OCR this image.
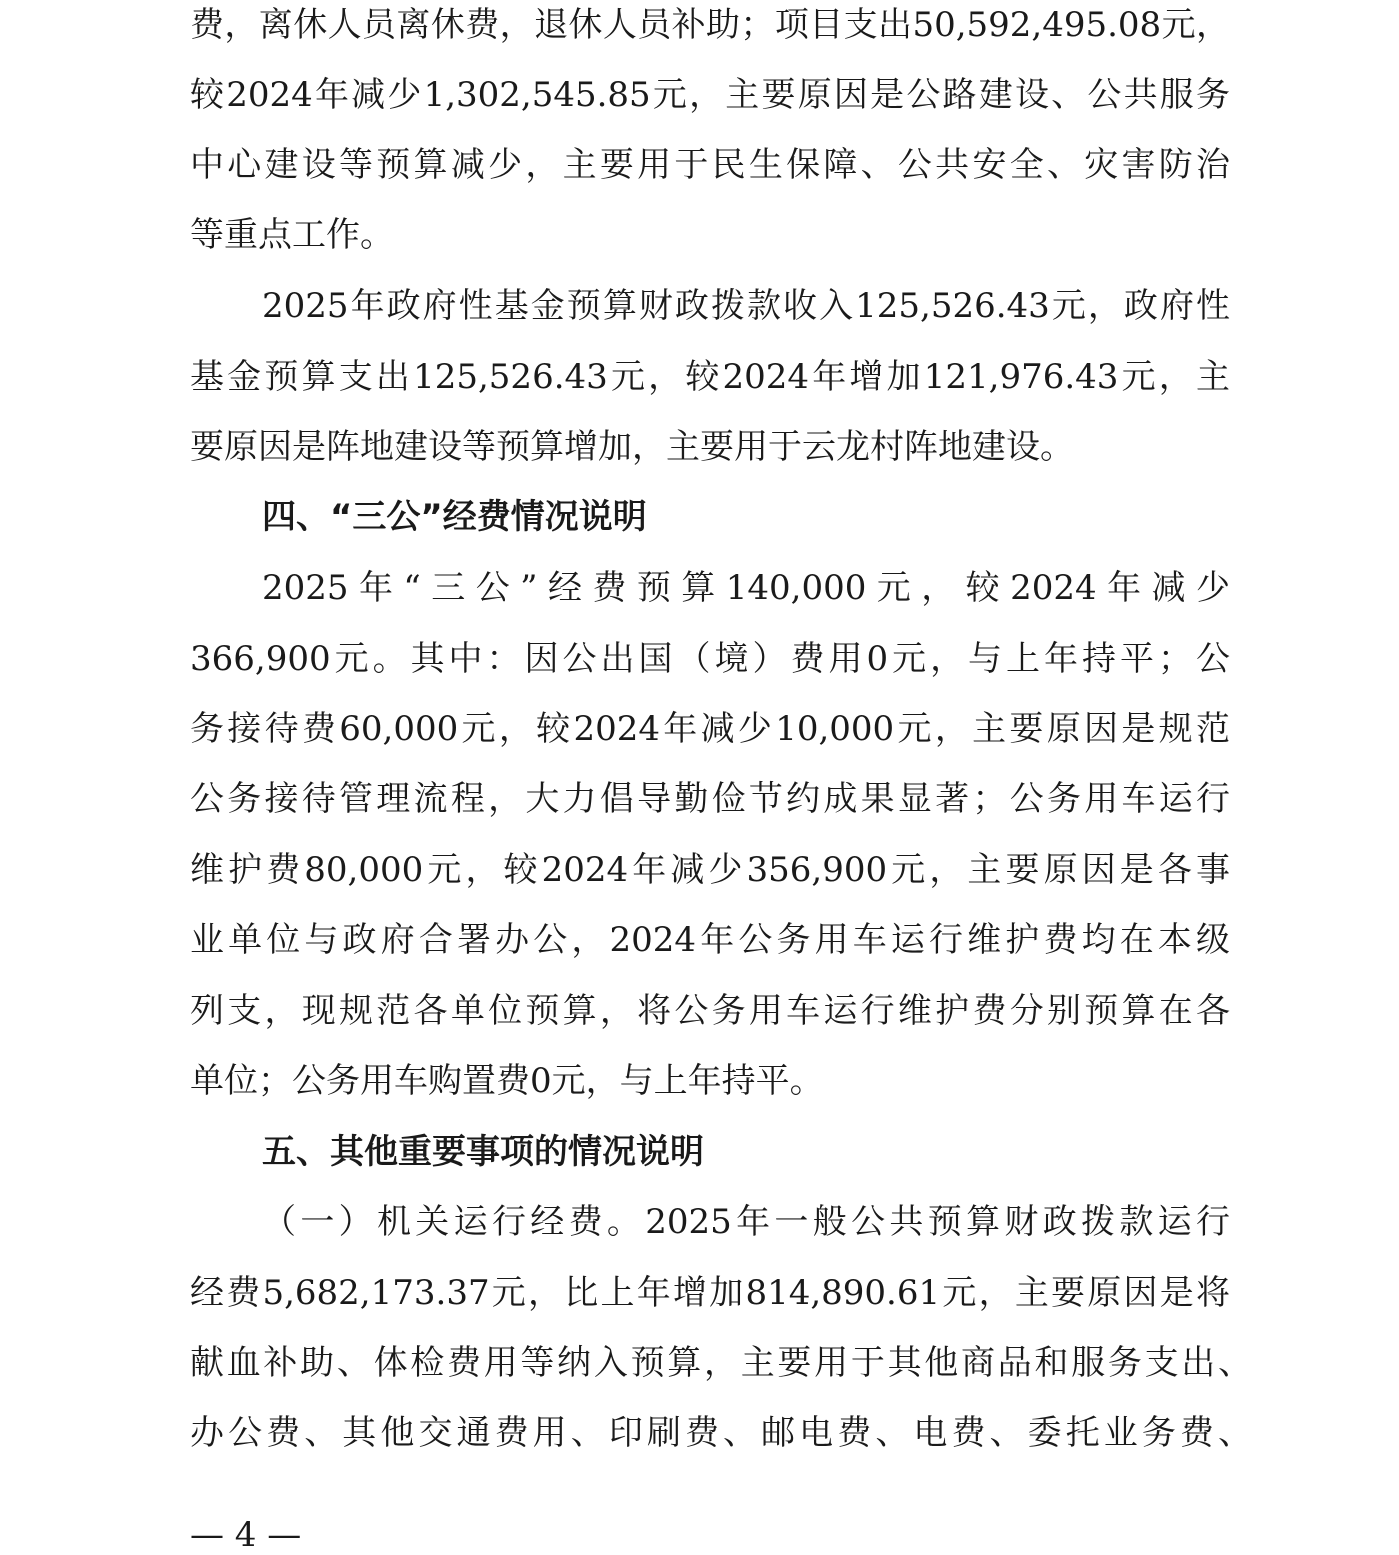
费，离休人员离休费，退休人员补助；项目支出50,592,495.08元，
较2024年减少1,302,545.85元，主要原因是公路建设、公共服务
中心建设等预算减少，主要用于民生保障、公共安全、灾害防治
等重点工作。
2025年政府性基金预算财政拨款收入125,526.43元，政府性
基金预算支出125,526.43元，较2024年增加121,976.43元，主
要原因是阵地建设等预算增加，主要用于云龙村阵地建设。
四、“三公”经费情况说明
2025年“三公”经费预算140,000元，较2024年减少
366,900元。其中：因公出国（境）费用0元，与上年持平；公
务接待费60,000元，较2024年减少10,000元，主要原因是规范
公务接待管理流程，大力倡导勤俭节约成果显著；公务用车运行
维护费80,000元，较2024年减少356,900元，主要原因是各事
业单位与政府合署办公，2024年公务用车运行维护费均在本级
列支，现规范各单位预算，将公务用车运行维护费分别预算在各
单位；公务用车购置费0元，与上年持平。
五、其他重要事项的情况说明
（一）机关运行经费。2025年一般公共预算财政拨款运行
经费5,682,173.37元，比上年增加814,890.61元，主要原因是将
献血补助、体检费用等纳入预算，主要用于其他商品和服务支出、
办公费、其他交通费用、印刷费、邮电费、电费、委托业务费、
— 4 —
